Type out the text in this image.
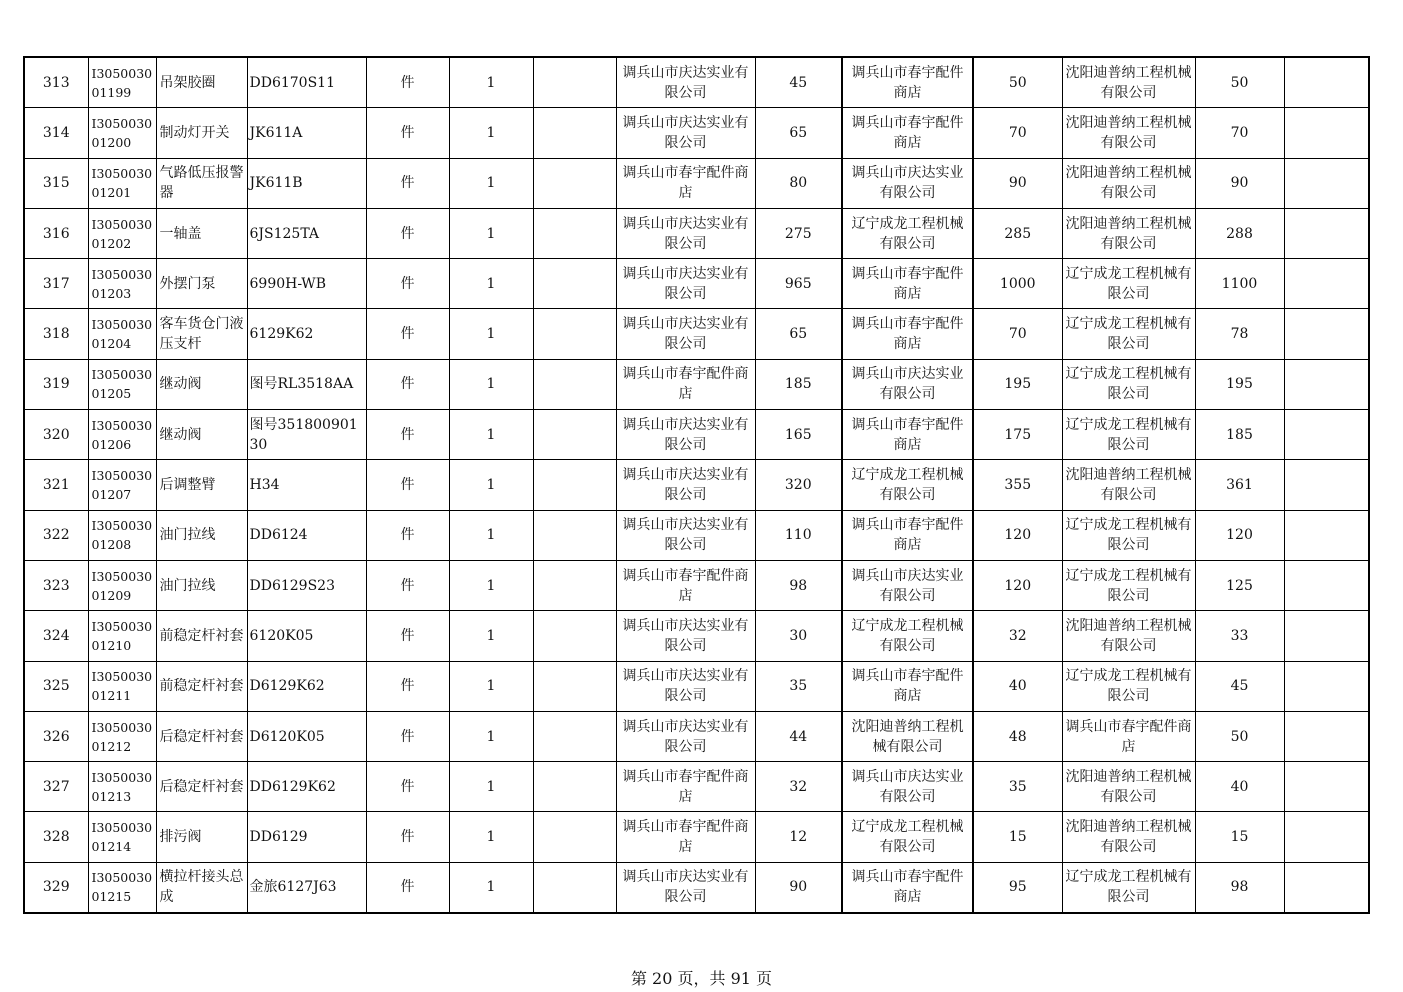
313	I305003001199	吊架胶圈	DD6170S11	件	1		调兵山市庆达实业有限公司	45	调兵山市春宇配件商店	50	沈阳迪普纳工程机械有限公司	50	
314	I305003001200	制动灯开关	JK611A	件	1		调兵山市庆达实业有限公司	65	调兵山市春宇配件商店	70	沈阳迪普纳工程机械有限公司	70	
315	I305003001201	气路低压报警器	JK611B	件	1		调兵山市春宇配件商店	80	调兵山市庆达实业有限公司	90	沈阳迪普纳工程机械有限公司	90	
316	I305003001202	一轴盖	6JS125TA	件	1		调兵山市庆达实业有限公司	275	辽宁成龙工程机械有限公司	285	沈阳迪普纳工程机械有限公司	288	
317	I305003001203	外摆门泵	6990H-WB	件	1		调兵山市庆达实业有限公司	965	调兵山市春宇配件商店	1000	辽宁成龙工程机械有限公司	1100	
318	I305003001204	客车货仓门液压支杆	6129K62	件	1		调兵山市庆达实业有限公司	65	调兵山市春宇配件商店	70	辽宁成龙工程机械有限公司	78	
319	I305003001205	继动阀	图号RL3518AA	件	1		调兵山市春宇配件商店	185	调兵山市庆达实业有限公司	195	辽宁成龙工程机械有限公司	195	
320	I305003001206	继动阀	图号35180090130	件	1		调兵山市庆达实业有限公司	165	调兵山市春宇配件商店	175	辽宁成龙工程机械有限公司	185	
321	I305003001207	后调整臂	H34	件	1		调兵山市庆达实业有限公司	320	辽宁成龙工程机械有限公司	355	沈阳迪普纳工程机械有限公司	361	
322	I305003001208	油门拉线	DD6124	件	1		调兵山市庆达实业有限公司	110	调兵山市春宇配件商店	120	辽宁成龙工程机械有限公司	120	
323	I305003001209	油门拉线	DD6129S23	件	1		调兵山市春宇配件商店	98	调兵山市庆达实业有限公司	120	辽宁成龙工程机械有限公司	125	
324	I305003001210	前稳定杆衬套	6120K05	件	1		调兵山市庆达实业有限公司	30	辽宁成龙工程机械有限公司	32	沈阳迪普纳工程机械有限公司	33	
325	I305003001211	前稳定杆衬套	D6129K62	件	1		调兵山市庆达实业有限公司	35	调兵山市春宇配件商店	40	辽宁成龙工程机械有限公司	45	
326	I305003001212	后稳定杆衬套	D6120K05	件	1		调兵山市庆达实业有限公司	44	沈阳迪普纳工程机械有限公司	48	调兵山市春宇配件商店	50	
327	I305003001213	后稳定杆衬套	DD6129K62	件	1		调兵山市春宇配件商店	32	调兵山市庆达实业有限公司	35	沈阳迪普纳工程机械有限公司	40	
328	I305003001214	排污阀	DD6129	件	1		调兵山市春宇配件商店	12	辽宁成龙工程机械有限公司	15	沈阳迪普纳工程机械有限公司	15	
329	I305003001215	横拉杆接头总成	金旅6127J63	件	1		调兵山市庆达实业有限公司	90	调兵山市春宇配件商店	95	辽宁成龙工程机械有限公司	98	
第 20 页，共 91 页
